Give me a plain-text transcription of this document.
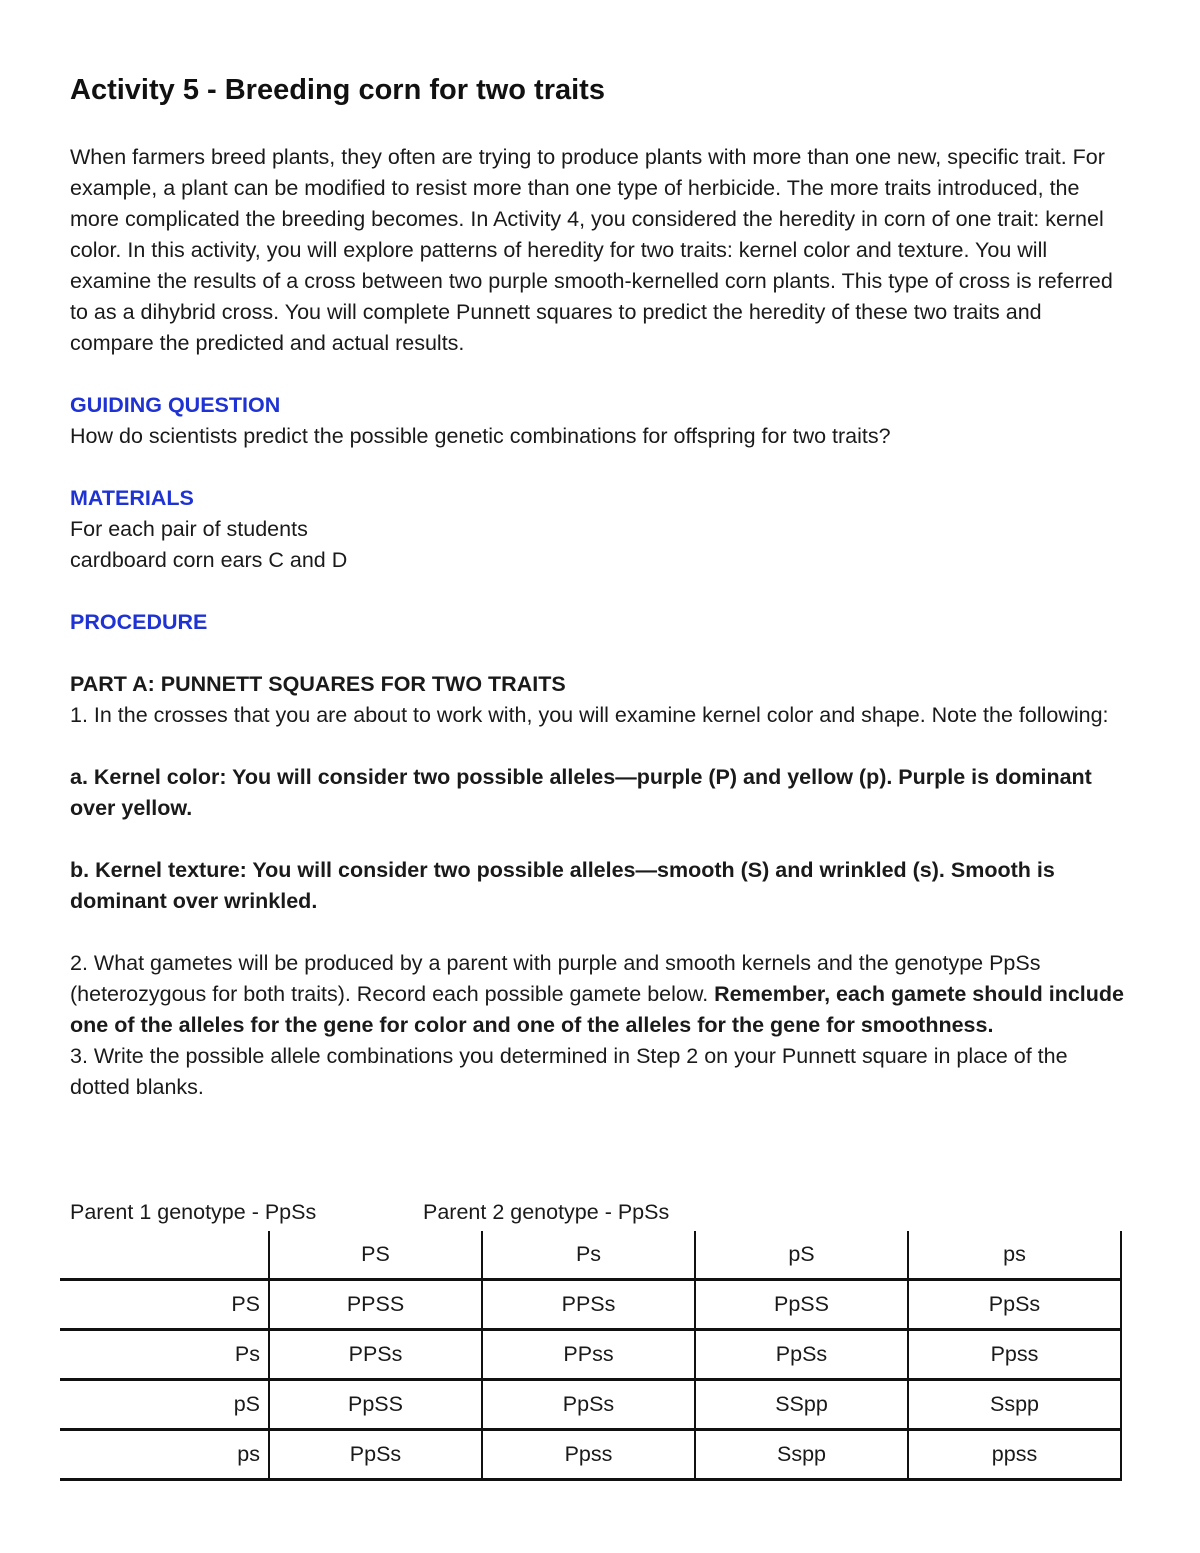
Activity 5 - Breeding corn for two traits

When farmers breed plants, they often are trying to produce plants with more than one new, specific trait. For example, a plant can be modified to resist more than one type of herbicide. The more traits introduced, the more complicated the breeding becomes. In Activity 4, you considered the heredity in corn of one trait: kernel color. In this activity, you will explore patterns of heredity for two traits: kernel color and texture. You will examine the results of a cross between two purple smooth-kernelled corn plants. This type of cross is referred to as a dihybrid cross. You will complete Punnett squares to predict the heredity of these two traits and compare the predicted and actual results.

GUIDING QUESTION

How do scientists predict the possible genetic combinations for offspring for two traits?

MATERIALS

For each pair of students

cardboard corn ears C and D

PROCEDURE

PART A: PUNNETT SQUARES FOR TWO TRAITS

1. In the crosses that you are about to work with, you will examine kernel color and shape. Note the following:

a. Kernel color: You will consider two possible alleles—purple (P) and yellow (p). Purple is dominant over yellow.

b. Kernel texture: You will consider two possible alleles—smooth (S) and wrinkled (s). Smooth is dominant over wrinkled.

2. What gametes will be produced by a parent with purple and smooth kernels and the genotype PpSs (heterozygous for both traits). Record each possible gamete below. Remember, each gamete should include one of the alleles for the gene for color and one of the alleles for the gene for smoothness.

3. Write the possible allele combinations you determined in Step 2 on your Punnett square in place of the dotted blanks.

Parent 1 genotype - PpSs	Parent 2 genotype - PpSs
	PS	Ps	pS	ps
PS	PPSS	PPSs	PpSS	PpSs
Ps	PPSs	PPss	PpSs	Ppss
pS	PpSS	PpSs	SSpp	Sspp
ps	PpSs	Ppss	Sspp	ppss
